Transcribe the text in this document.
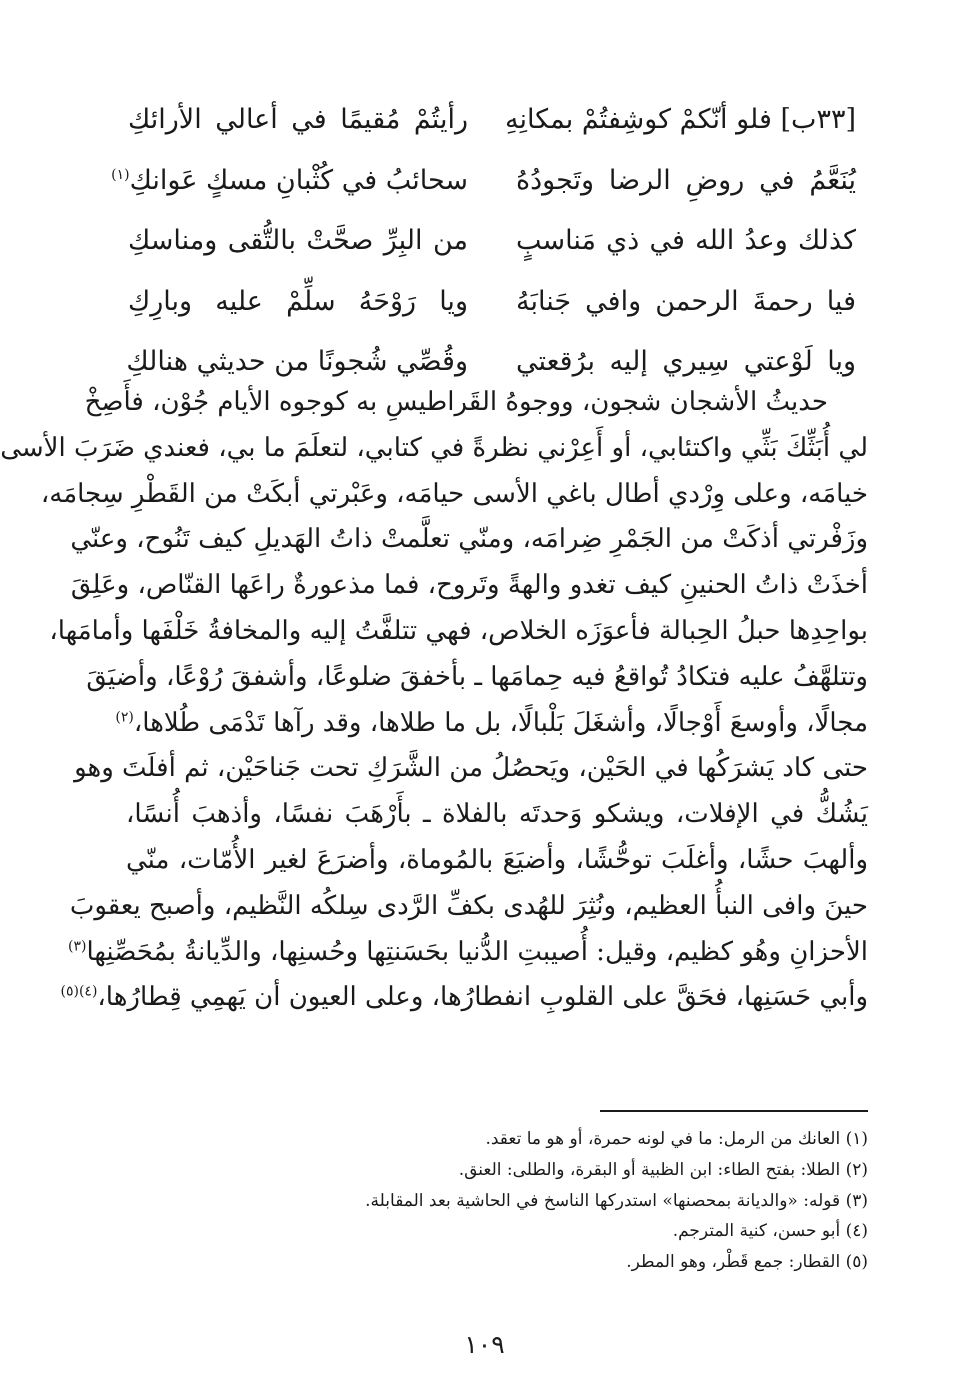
[٣٣ب] فلو أنّكمْ كوشِفتُمْ بمكانِهِ
رأيتُمْ مُقيمًا في أعالي الأرائكِ
يُنَعَّمُ في روضِ الرضا وتَجودُهُ
سحائبُ في كُثْبانِ مسكٍ عَوانكِ$^{(١)}$
كذلك وعدُ الله في ذي مَناسبٍ
من البِرِّ صحَّتْ بالتُّقى ومناسكِ
فيا رحمةَ الرحمن وافي جَنابَهُ
ويا رَوْحَهُ سلِّمْ عليه وبارِكِ
ويا لَوْعتي سِيري إليه برُقعتي
وقُصِّي شُجونًا من حديثي هنالكِ
حديثُ الأشجان شجون، ووجوهُ القَراطيسِ به كوجوه الأيام جُوْن، فأَصِخْ
لي أُبَثِّكَ بَثِّي واكتئابي، أو أَعِرْني نظرةً في كتابي، لتعلَمَ ما بي، فعندي ضَرَبَ الأسى
خيامَه، وعلى وِرْدي أطال باغي الأسى حيامَه، وعَبْرتي أبكَتْ من القَطْرِ سِجامَه،
وزَفْرتي أذكَتْ من الجَمْرِ ضِرامَه، ومنّي تعلَّمتْ ذاتُ الهَديلِ كيف تَنُوح، وعنّي
أخذَتْ ذاتُ الحنينِ كيف تغدو والهةً وتَروح، فما مذعورةٌ راعَها القنّاص، وعَلِقَ
بواحِدِها حبلُ الحِبالة فأعوَزَه الخلاص، فهي تتلفَّتُ إليه والمخافةُ خَلْفَها وأمامَها،
وتتلهَّفُ عليه فتكادُ تُواقعُ فيه حِمامَها ـ بأخفقَ ضلوعًا، وأشفقَ رُوْعًا، وأضيَقَ
مجالًا، وأوسعَ أَوْجالًا، وأشغَلَ بَلْبالًا، بل ما طلاها، وقد رآها تَدْمَى طُلاها،$^{(٢)}$
حتى كاد يَشرَكُها في الحَيْن، ويَحصُلُ من الشَّرَكِ تحت جَناحَيْن، ثم أفلَتَ وهو
يَشُكُّ في الإفلات، ويشكو وَحدتَه بالفلاة ـ بأَرْهَبَ نفسًا، وأذهبَ أُنسًا،
وألهبَ حشًا، وأغلَبَ توحُّشًا، وأضيَعَ بالمُوماة، وأضرَعَ لغير الأُمّات، منّي
حينَ وافى النبأُ العظيم، ونُثِرَ للهُدى بكفِّ الرَّدى سِلكُه النَّظيم، وأصبح يعقوبَ
الأحزانِ وهُو كظيم، وقيل: أُصيبتِ الدُّنيا بحَسَنتِها وحُسنِها، والدِّيانةُ بمُحَصِّنِها$^{(٣)}$
وأبي حَسَنِها، فحَقَّ على القلوبِ انفطارُها، وعلى العيون أن يَهمِي قِطارُها،$^{(٤)(٥)}$

(١) العانك من الرمل: ما في لونه حمرة، أو هو ما تعقد.

(٢) الطلا: بفتح الطاء: ابن الظبية أو البقرة، والطلى: العنق.

(٣) قوله: «والديانة بمحصنها» استدركها الناسخ في الحاشية بعد المقابلة.

(٤) أبو حسن، كنية المترجم.

(٥) القطار: جمع قَطْر، وهو المطر.

١٠٩
